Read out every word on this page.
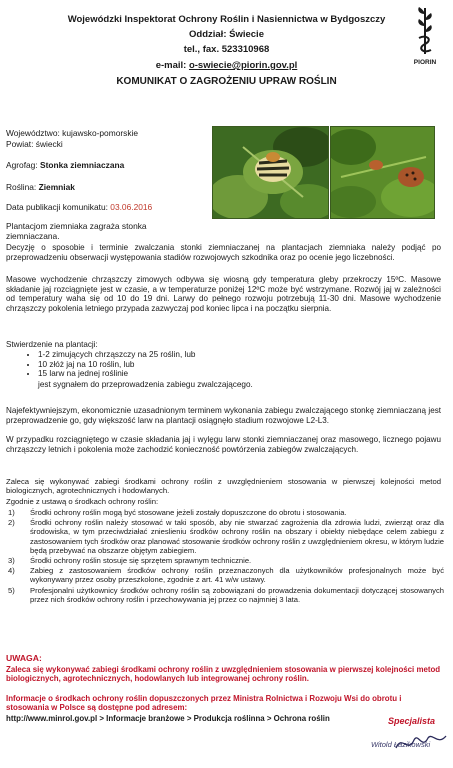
Wojewódzki Inspektorat Ochrony Roślin i Nasiennictwa w Bydgoszczy
Oddział: Świecie
tel., fax. 523310968
e-mail: o-swiecie@piorin.gov.pl
KOMUNIKAT O ZAGROŻENIU UPRAW ROŚLIN
PIORIN
Województwo: kujawsko-pomorskie
Powiat: świecki
Agrofag: Stonka ziemniaczana
Roślina: Ziemniak
Data publikacji komunikatu: 03.06.2016
Plantacjom ziemniaka zagraża stonka
ziemniaczana.
Decyzję o sposobie i terminie zwalczania stonki ziemniaczanej na plantacjach ziemniaka należy podjąć po przeprowadzeniu obserwacji występowania stadiów rozwojowych szkodnika oraz po ocenie jego liczebności.
Masowe wychodzenie chrząszczy zimowych odbywa się wiosną gdy temperatura gleby przekroczy 15ºC. Masowe składanie jaj rozciągnięte jest w czasie, a w temperaturze poniżej 12ºC może być wstrzymane. Rozwój jaj w zależności od temperatury waha się od 10 do 19 dni. Larwy do pełnego rozwoju potrzebują 11-30 dni. Masowe wychodzenie chrząszczy pokolenia letniego przypada zazwyczaj pod koniec lipca i na początku sierpnia.
Stwierdzenie na plantacji:
• 1-2 zimujących chrząszczy na 25 roślin, lub
• 10 złóż jaj na 10 roślin, lub
• 15 larw na jednej roślinie
jest sygnałem do przeprowadzenia zabiegu zwalczającego.
Najefektywniejszym, ekonomicznie uzasadnionym terminem wykonania zabiegu zwalczającego stonkę ziemniaczaną jest przeprowadzenie go, gdy większość larw na plantacji osiągnęło stadium rozwojowe L2-L3.
W przypadku rozciągniętego w czasie składania jaj i wylęgu larw stonki ziemniaczanej oraz masowego, licznego pojawu chrząszczy letnich i pokolenia może zachodzić konieczność powtórzenia zabiegów zwalczających.
Zaleca się wykonywać zabiegi środkami ochrony roślin z uwzględnieniem stosowania w pierwszej kolejności metod biologicznych, agrotechnicznych i hodowlanych.
Zgodnie z ustawą o środkach ochrony roślin:
1)	Środki ochrony roślin mogą być stosowane jeżeli zostały dopuszczone do obrotu i stosowania.
2)	Środki ochrony roślin należy stosować w taki sposób, aby nie stwarzać zagrożenia dla zdrowia ludzi, zwierząt oraz dla środowiska, w tym przeciwdziałać znieslieniu środków ochrony roślin na obszary i obiekty niebędące celem zabiegu z zastosowaniem tych środków oraz planować stosowanie środków ochrony roślin z uwzględnieniem okresu, w którym ludzie będą przebywać na obszarze objętym zabiegiem.
3)	Środki ochrony roślin stosuje się sprzętem sprawnym technicznie.
4)	Zabieg z zastosowaniem środków ochrony roślin przeznaczonych dla użytkowników profesjonalnych może być wykonywany przez osoby przeszkolone, zgodnie z art. 41 w/w ustawy.
5)	Profesjonalni użytkownicy środków ochrony roślin są zobowiązani do prowadzenia dokumentacji dotyczącej stosowanych przez nich środków ochrony roślin i przechowywania jej przez co najmniej 3 lata.
UWAGA:
Zaleca się wykonywać zabiegi środkami ochrony roślin z uwzględnieniem stosowania w pierwszej kolejności metod biologicznych, agrotechnicznych, hodowlanych lub integrowanej ochrony roślin.
Informacje o środkach ochrony roślin dopuszczonych przez Ministra Rolnictwa i Rozwoju Wsi do obrotu i stosowania w Polsce są dostępne pod adresem:
http://www.minrol.gov.pl > Informacje branżowe > Produkcja roślinna > Ochrona roślin	Specjalista
Witold Łazikowski
